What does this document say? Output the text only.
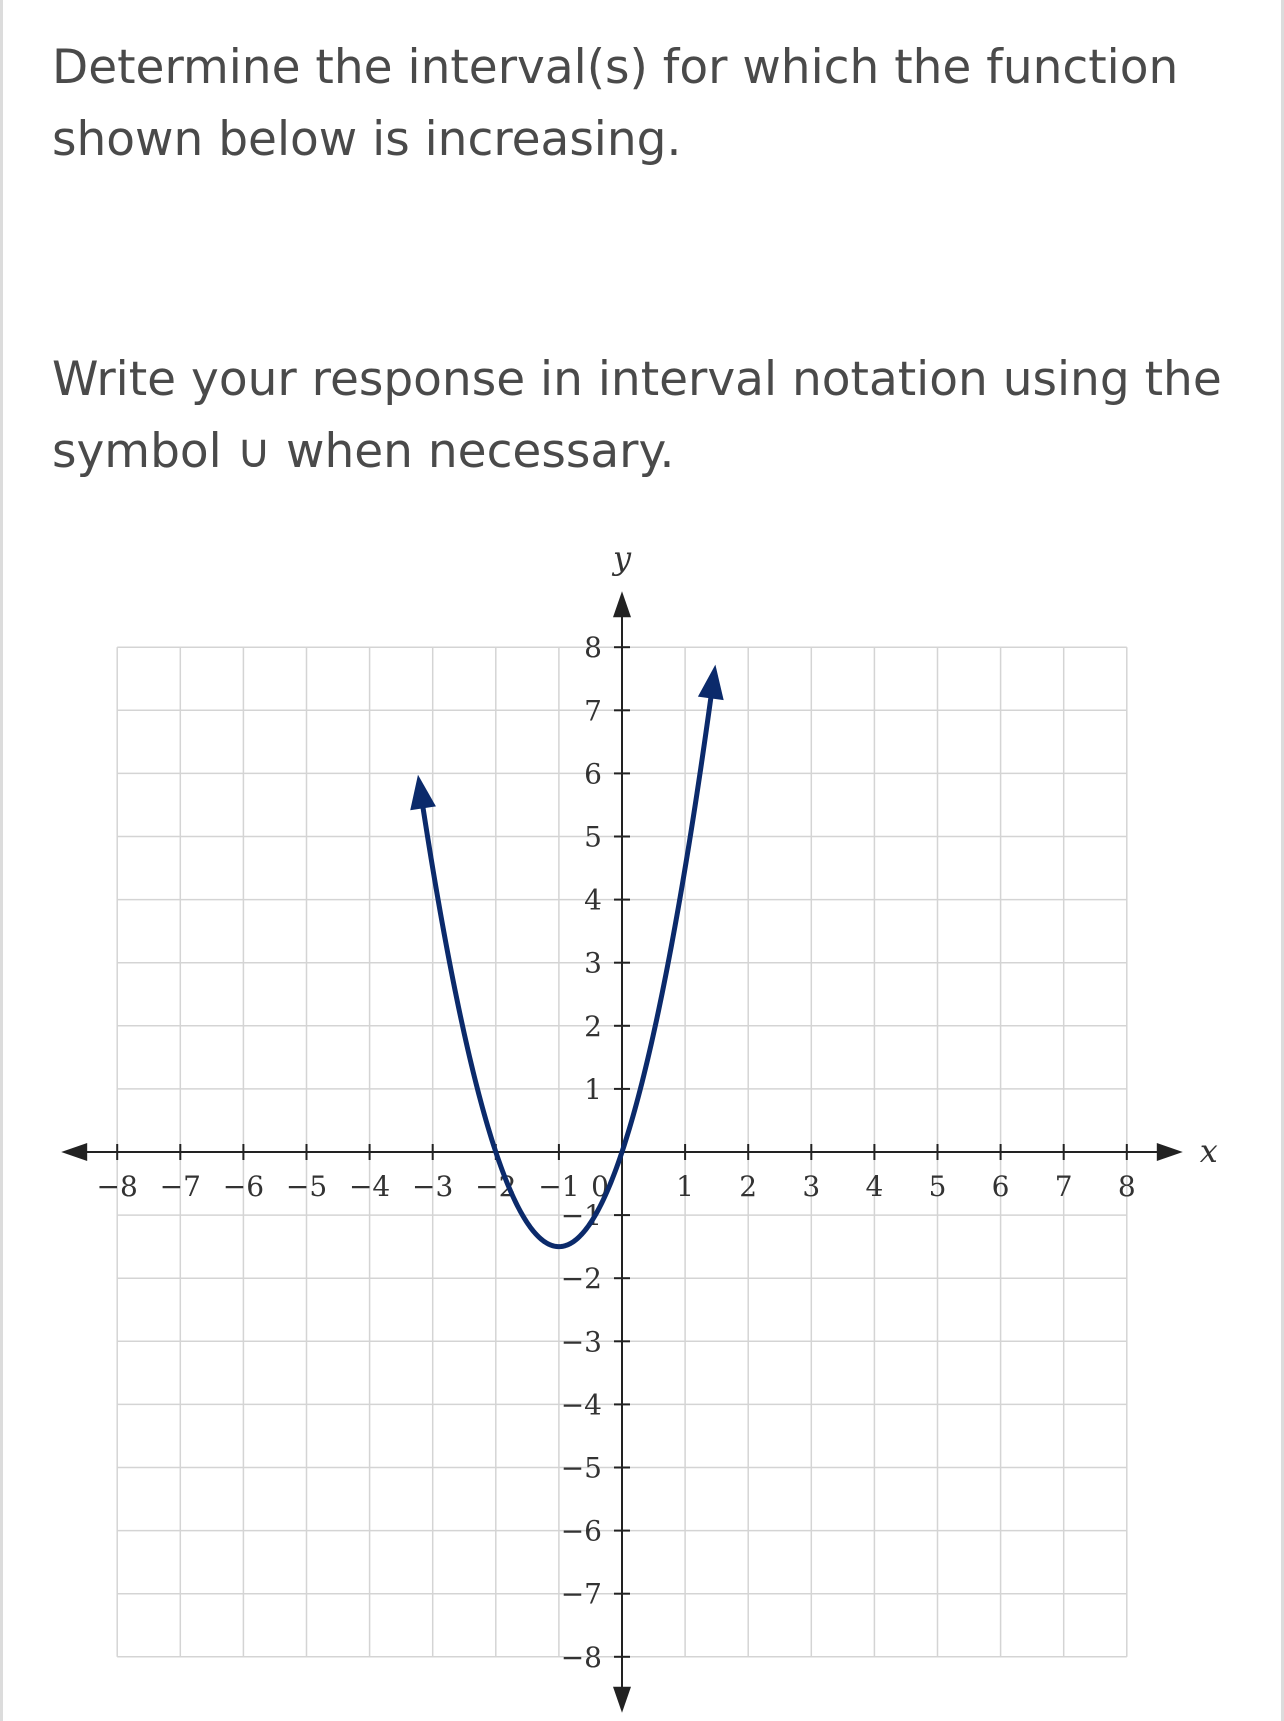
Determine the interval(s) for which the function shown below is increasing.
Write your response in interval notation using the symbol ∪ when necessary.
x
y
−8 −7 −6 −5 −4 −3 −2 −1 0 1 2 3 4 5 6 7 8
−8
−7
−6
−5
−4
−3
−2
−1
1
2
3
4
5
6
7
8
